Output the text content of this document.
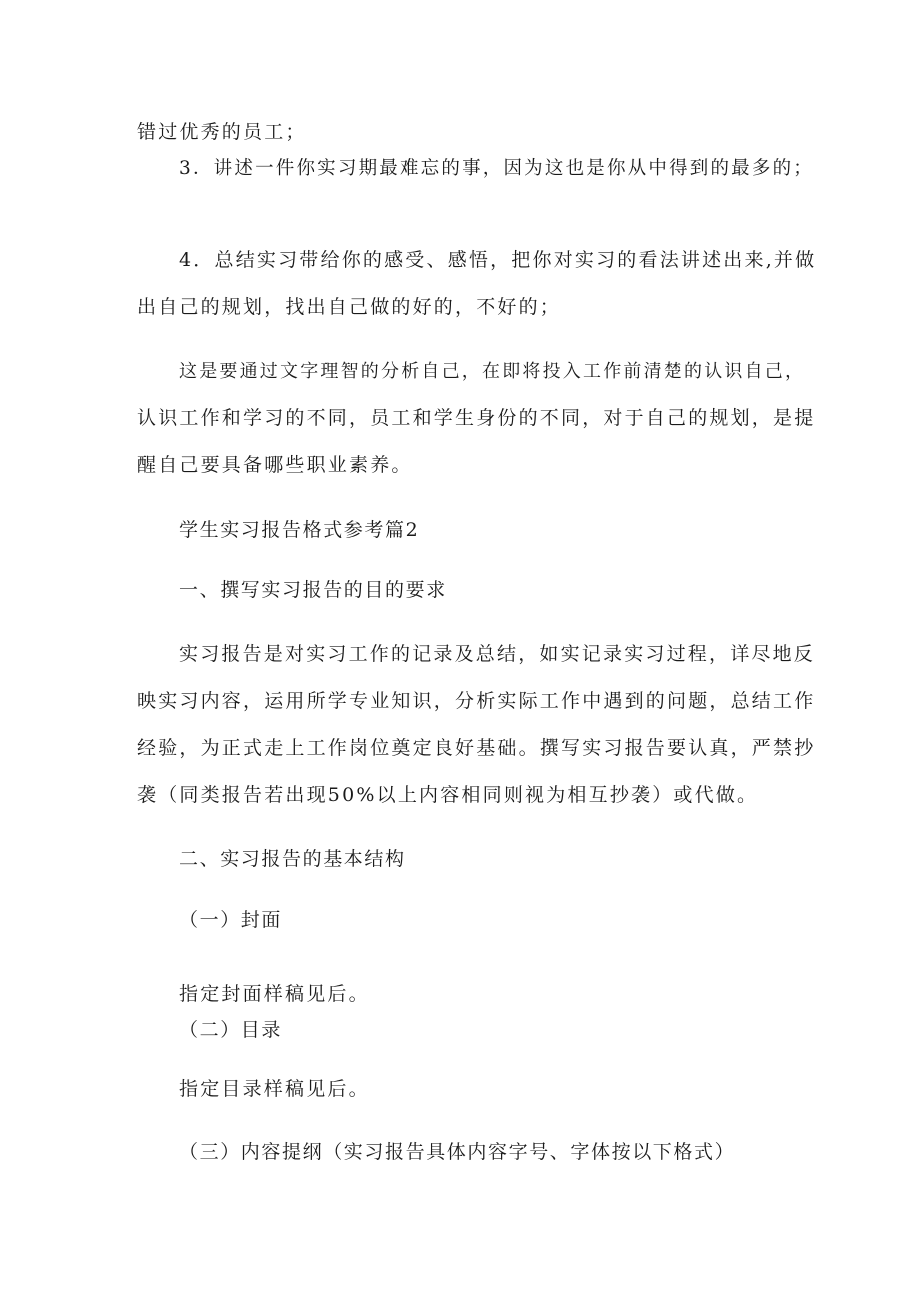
错过优秀的员工；

3．讲述一件你实习期最难忘的事，因为这也是你从中得到的最多的；

4．总结实习带给你的感受、感悟，把你对实习的看法讲述出来,并做

出自己的规划，找出自己做的好的，不好的；

这是要通过文字理智的分析自己，在即将投入工作前清楚的认识自己，

认识工作和学习的不同，员工和学生身份的不同，对于自己的规划，是提

醒自己要具备哪些职业素养。

学生实习报告格式参考篇2

一、撰写实习报告的目的要求

实习报告是对实习工作的记录及总结，如实记录实习过程，详尽地反

映实习内容，运用所学专业知识，分析实际工作中遇到的问题，总结工作

经验，为正式走上工作岗位奠定良好基础。撰写实习报告要认真，严禁抄

袭（同类报告若出现50%以上内容相同则视为相互抄袭）或代做。

二、实习报告的基本结构

（一）封面

指定封面样稿见后。

（二）目录

指定目录样稿见后。

（三）内容提纲（实习报告具体内容字号、字体按以下格式）
